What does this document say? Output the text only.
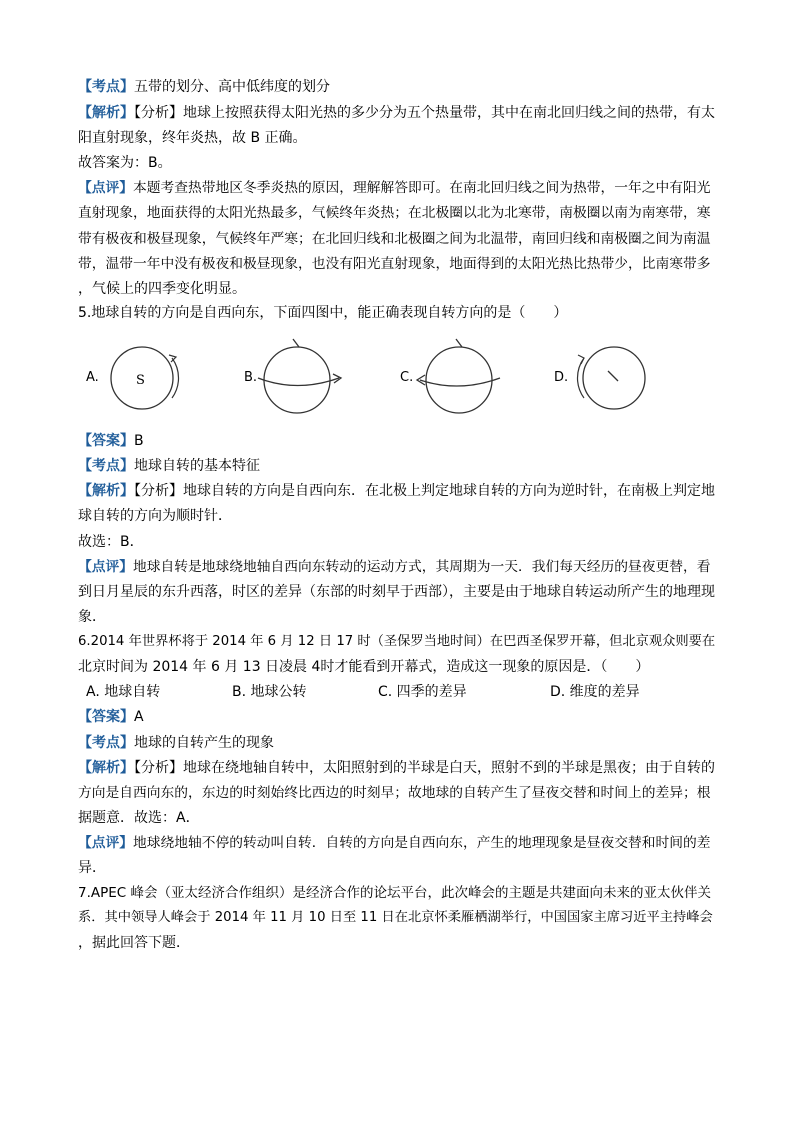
【考点】五带的划分、高中低纬度的划分
【解析】【分析】地球上按照获得太阳光热的多少分为五个热量带，其中在南北回归线之间的热带，有太
阳直射现象，终年炎热，故 B 正确。
故答案为：B。
【点评】本题考查热带地区冬季炎热的原因，理解解答即可。在南北回归线之间为热带，一年之中有阳光
直射现象，地面获得的太阳光热最多，气候终年炎热；在北极圈以北为北寒带，南极圈以南为南寒带，寒
带有极夜和极昼现象，气候终年严寒；在北回归线和北极圈之间为北温带，南回归线和南极圈之间为南温
带，温带一年中没有极夜和极昼现象，也没有阳光直射现象，地面得到的太阳光热比热带少，比南寒带多
，气候上的四季变化明显。
5.地球自转的方向是自西向东，下面四图中，能正确表现自转方向的是（　　）
A.	S	B.	C.	D.
【答案】B
【考点】地球自转的基本特征
【解析】【分析】地球自转的方向是自西向东．在北极上判定地球自转的方向为逆时针，在南极上判定地
球自转的方向为顺时针．
故选：B．
【点评】地球自转是地球绕地轴自西向东转动的运动方式，其周期为一天．我们每天经历的昼夜更替，看
到日月星辰的东升西落，时区的差异（东部的时刻早于西部），主要是由于地球自转运动所产生的地理现
象．
6.2014 年世界杯将于 2014 年 6 月 12 日 17 时（圣保罗当地时间）在巴西圣保罗开幕，但北京观众则要在
北京时间为 2014 年 6 月 13 日凌晨 4时才能看到开幕式，造成这一现象的原因是．（　　）
A. 地球自转	B. 地球公转	C. 四季的差异	D. 维度的差异
【答案】A
【考点】地球的自转产生的现象
【解析】【分析】地球在绕地轴自转中，太阳照射到的半球是白天，照射不到的半球是黑夜；由于自转的
方向是自西向东的，东边的时刻始终比西边的时刻早；故地球的自转产生了昼夜交替和时间上的差异；根
据题意．故选：A．
【点评】地球绕地轴不停的转动叫自转．自转的方向是自西向东，产生的地理现象是昼夜交替和时间的差
异．
7.APEC 峰会（亚太经济合作组织）是经济合作的论坛平台，此次峰会的主题是共建面向未来的亚太伙伴关
系．其中领导人峰会于 2014 年 11 月 10 日至 11 日在北京怀柔雁栖湖举行，中国国家主席习近平主持峰会
，据此回答下题．
